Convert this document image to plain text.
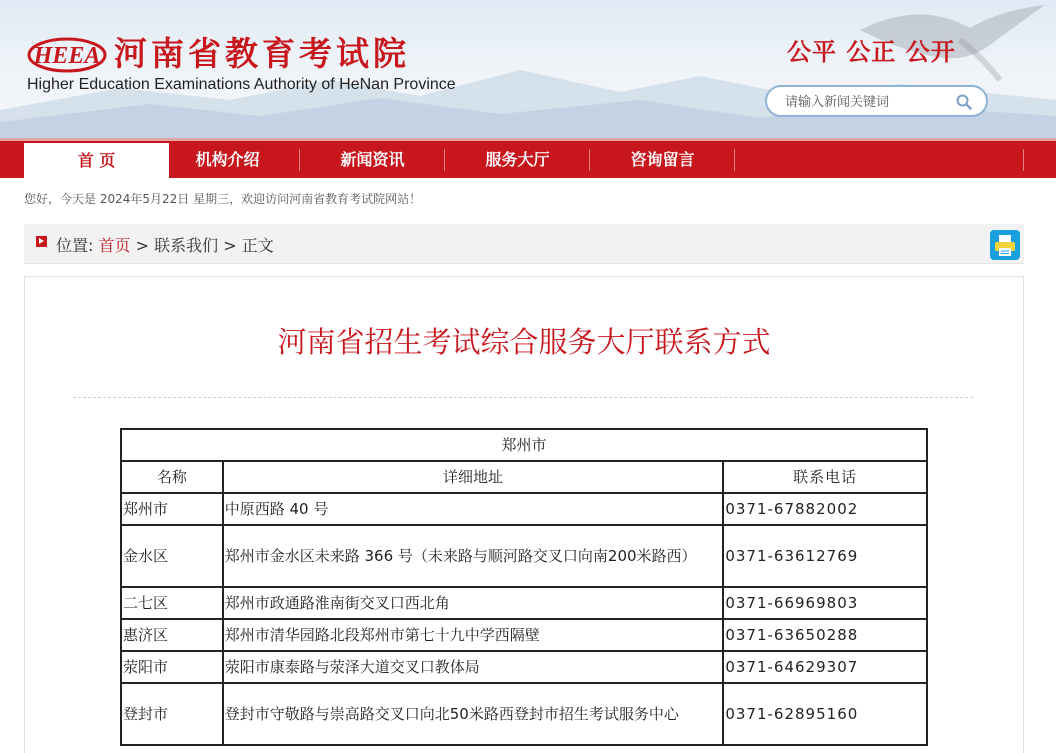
HEEA 河南省教育考试院
Higher Education Examinations Authority of HeNan Province
公平 公正 公开
请输入新闻关键词
首 页	机构介绍	新闻资讯	服务大厅	咨询留言
您好，今天是 2024年5月22日 星期三，欢迎访问河南省教育考试院网站！
位置: 首页 > 联系我们 > 正文
河南省招生考试综合服务大厅联系方式
郑州市		
名称	详细地址	联系电话
郑州市	中原西路 40 号	0371-67882002
金水区	郑州市金水区未来路 366 号（未来路与顺河路交叉口向南200米路西）	0371-63612769
二七区	郑州市政通路淮南街交叉口西北角	0371-66969803
惠济区	郑州市清华园路北段郑州市第七十九中学西隔壁	0371-63650288
荥阳市	荥阳市康泰路与荥泽大道交叉口教体局	0371-64629307
登封市	登封市守敬路与崇高路交叉口向北50米路西登封市招生考试服务中心	0371-62895160
